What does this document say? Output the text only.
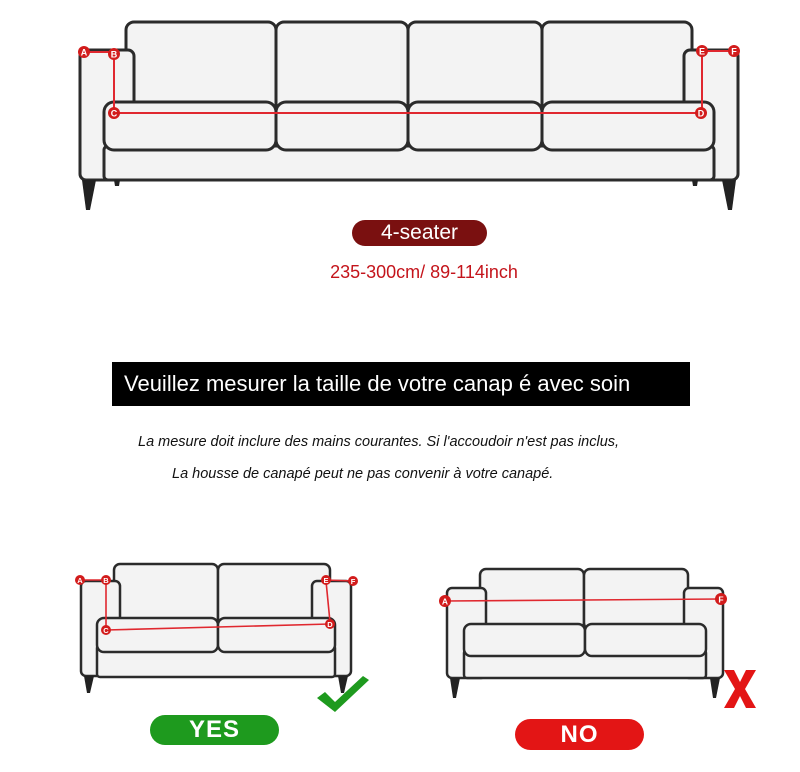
A	B
C	D
E	F
4-seater
235-300cm/ 89-114inch
Veuillez mesurer la taille de votre canap é avec soin
La mesure doit inclure des mains courantes. Si l'accoudoir n'est pas inclus,
La housse de canapé peut ne pas convenir à votre canapé.
A	B
C
D
E	F
YES
A	F
NO
